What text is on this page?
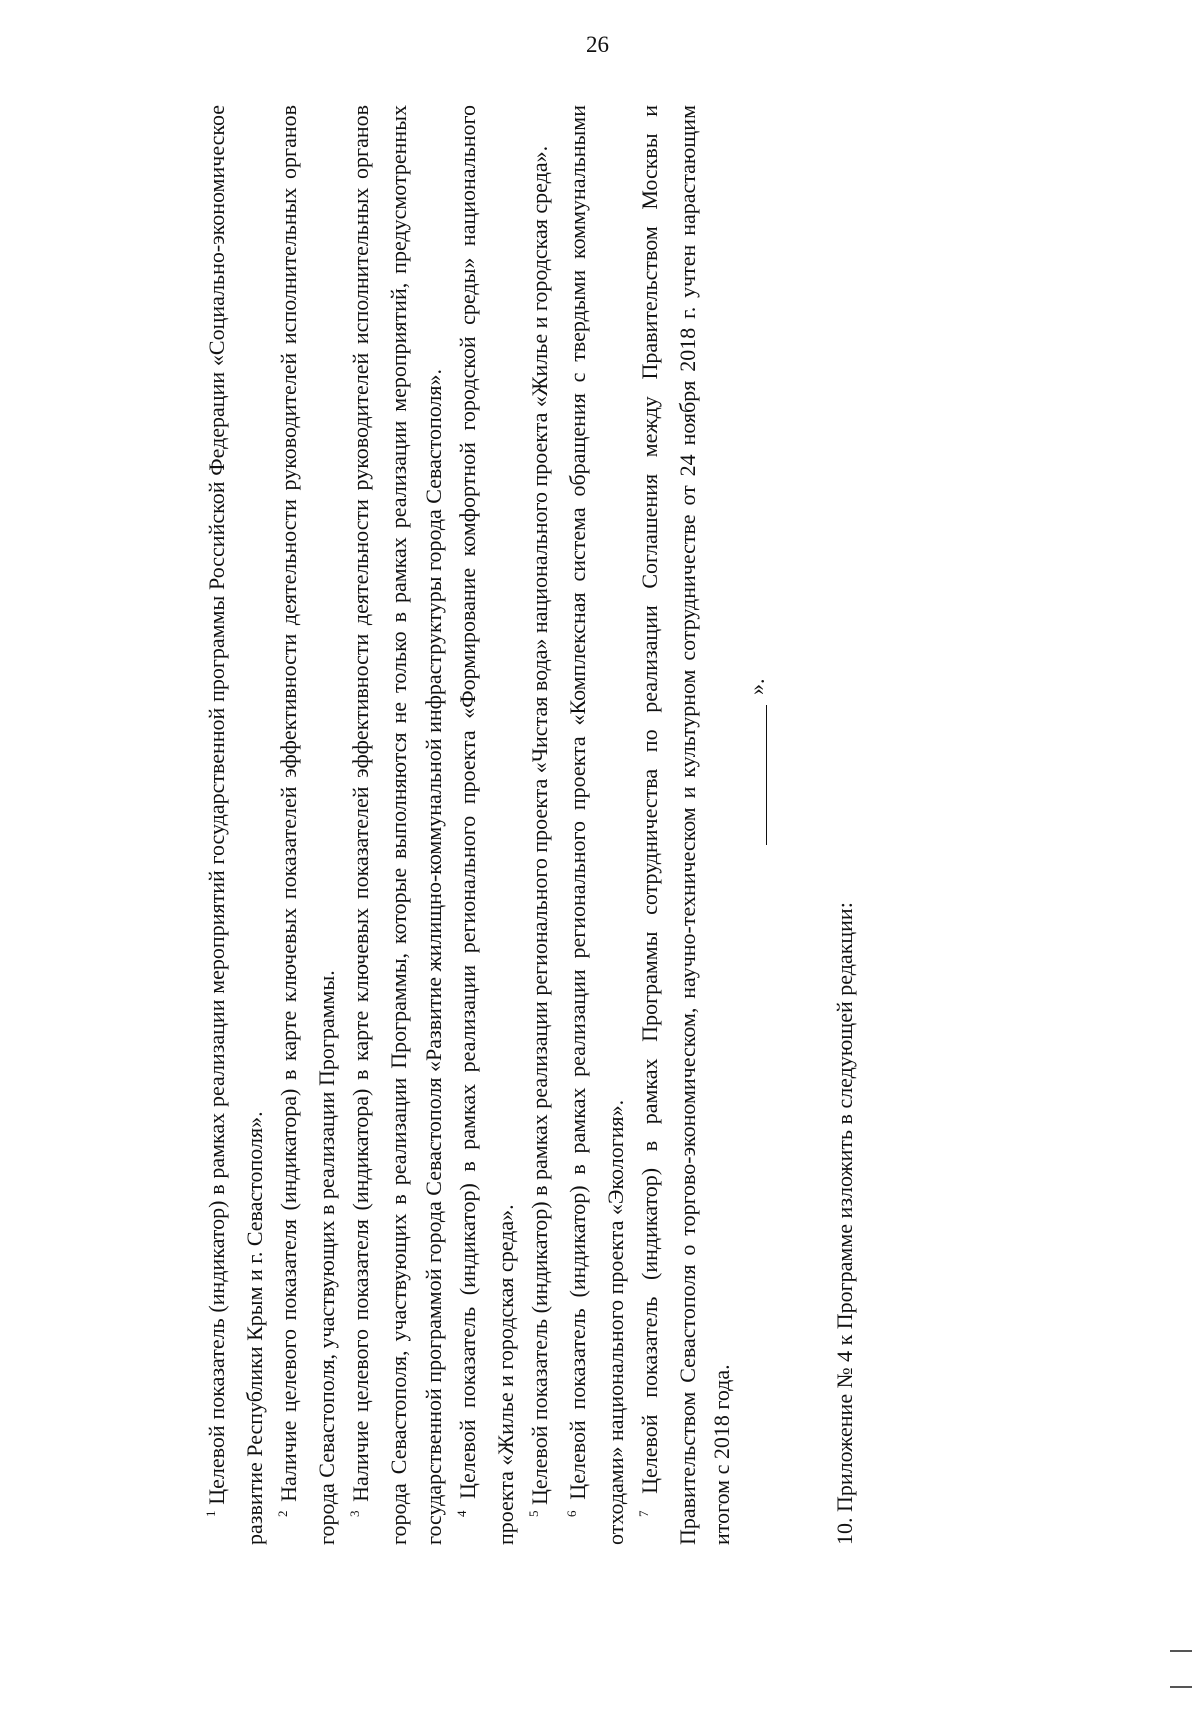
26

$^1$ Целевой показатель (индикатор) в рамках реализации мероприятий государственной программы Российской Федерации «Социально-экономическое развитие Республики Крым и г. Севастополя». $^2$ Наличие целевого показателя (индикатора) в карте ключевых показателей эффективности деятельности руководителей исполнительных органов города Севастополя, участвующих в реализации Программы. $^3$ Наличие целевого показателя (индикатора) в карте ключевых показателей эффективности деятельности руководителей исполнительных органов города Севастополя, участвующих в реализации Программы, которые выполняются не только в рамках реализации мероприятий, предусмотренных государственной программой города Севастополя «Развитие жилищно-коммунальной инфраструктуры города Севастополя». $^4$ Целевой показатель (индикатор) в рамках реализации регионального проекта «Формирование комфортной городской среды» национального проекта «Жилье и городская среда». $^5$ Целевой показатель (индикатор) в рамках реализации регионального проекта «Чистая вода» национального проекта «Жилье и городская среда».

$^6$ Целевой показатель (индикатор) в рамках реализации регионального проекта «Комплексная система обращения с твердыми коммунальными отходами» национального проекта «Экология». $^7$ Целевой показатель (индикатор) в рамках Программы сотрудничества по реализации Соглашения между Правительством Москвы и Правительством Севастополя о торгово-экономическом, научно-техническом и культурном сотрудничестве от 24 ноября 2018 г. учтен нарастающим итогом с 2018 года.

».

10. Приложение № 4 к Программе изложить в следующей редакции:
